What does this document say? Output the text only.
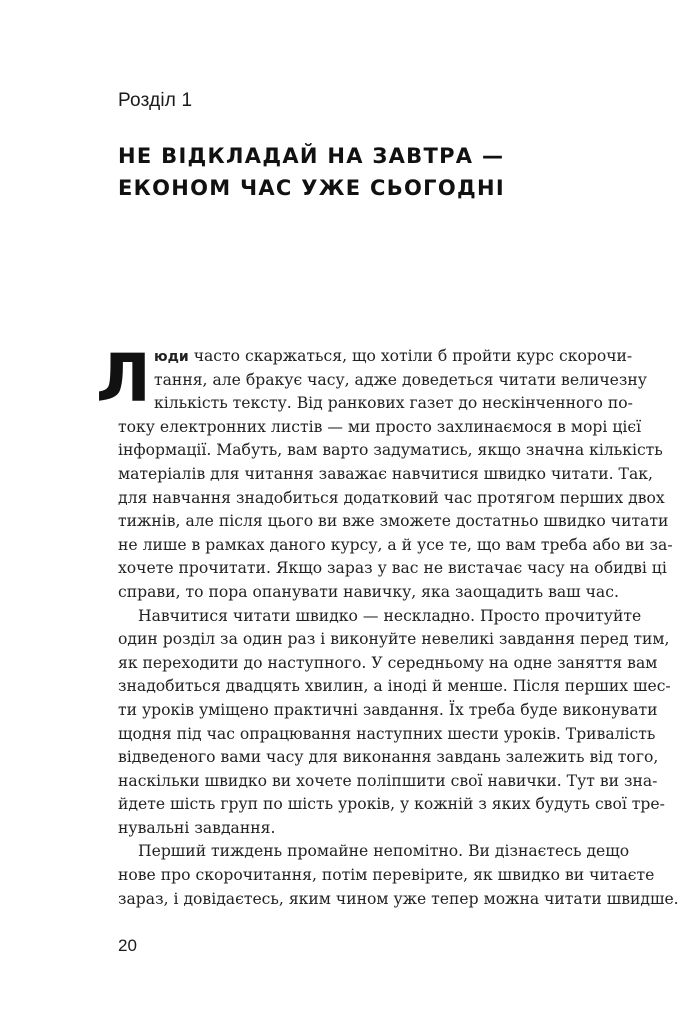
Розділ 1
НЕ ВІДКЛАДАЙ НА ЗАВТРА —
ЕКОНОМ ЧАС УЖЕ СЬОГОДНІ
Л юди часто скаржаться, що хотіли б пройти курс скорочи-
тання, але бракує часу, адже доведеться читати величезну
кількість тексту. Від ранкових газет до нескінченного по-
току електронних листів — ми просто захлинаємося в морі цієї
інформації. Мабуть, вам варто задуматись, якщо значна кількість
матеріалів для читання заважає навчитися швидко читати. Так,
для навчання знадобиться додатковий час протягом перших двох
тижнів, але після цього ви вже зможете достатньо швидко читати
не лише в рамках даного курсу, а й усе те, що вам треба або ви за-
хочете прочитати. Якщо зараз у вас не вистачає часу на обидві ці
справи, то пора опанувати навичку, яка заощадить ваш час.
Навчитися читати швидко — нескладно. Просто прочитуйте
один розділ за один раз і виконуйте невеликі завдання перед тим,
як переходити до наступного. У середньому на одне заняття вам
знадобиться двадцять хвилин, а іноді й менше. Після перших шес-
ти уроків уміщено практичні завдання. Їх треба буде виконувати
щодня під час опрацювання наступних шести уроків. Тривалість
відведеного вами часу для виконання завдань залежить від того,
наскільки швидко ви хочете поліпшити свої навички. Тут ви зна-
йдете шість груп по шість уроків, у кожній з яких будуть свої тре-
нувальні завдання.
Перший тиждень промайне непомітно. Ви дізнаєтесь дещо
нове про скорочитання, потім перевірите, як швидко ви читаєте
зараз, і довідаєтесь, яким чином уже тепер можна читати швидше.
20
